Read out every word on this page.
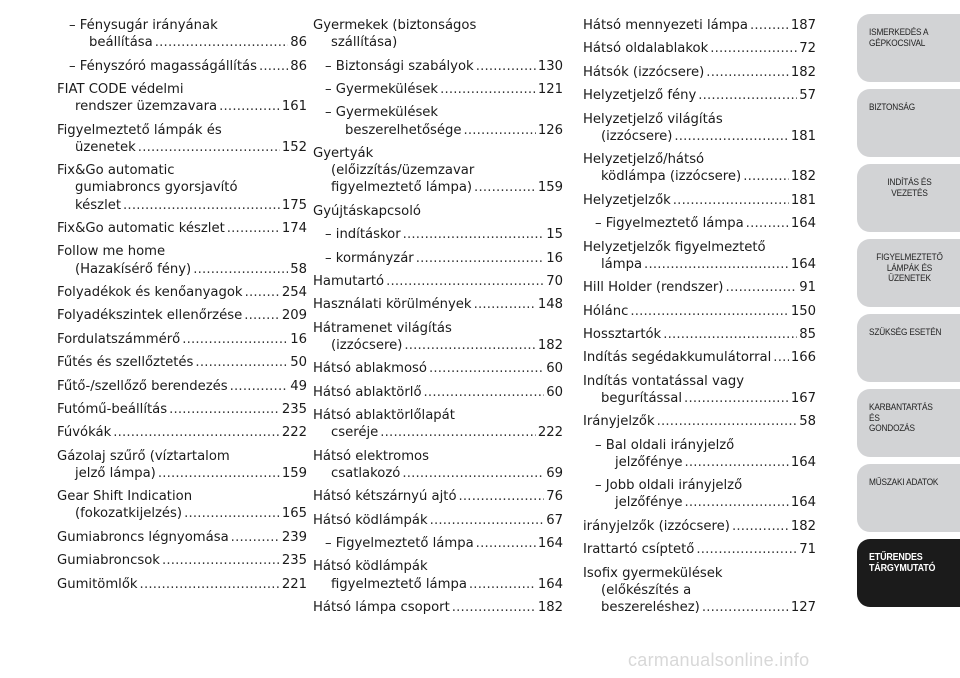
– Fénysugár irányának
beállítása .....	86
– Fényszóró magasságállítás .....	86
FIAT CODE védelmi
rendszer üzemzavara .....	161
Figyelmeztető lámpák és
üzenetek .....	152
Fix&Go automatic
gumiabroncs gyorsjavító
készlet .....	175
Fix&Go automatic készlet .....	174
Follow me home
(Hazakísérő fény) .....	58
Folyadékok és kenőanyagok .....	254
Folyadékszintek ellenőrzése .....	209
Fordulatszámmérő .....	16
Fűtés és szellőztetés .....	50
Fűtő-/szellőző berendezés .....	49
Futómű-beállítás .....	235
Fúvókák .....	222
Gázolaj szűrő (víztartalom
jelző lámpa) .....	159
Gear Shift Indication
(fokozatkijelzés) .....	165
Gumiabroncs légnyomása .....	239
Gumiabroncsok .....	235
Gumitömlők .....	221
Gyermekek (biztonságos
szállítása)
– Biztonsági szabályok .....	130
– Gyermekülések .....	121
– Gyermekülések
beszerelhetősége .....	126
Gyertyák
(előizzítás/üzemzavar
figyelmeztető lámpa) .....	159
Gyújtáskapcsoló
– indításkor .....	15
– kormányzár .....	16
Hamutartó .....	70
Használati körülmények .....	148
Hátramenet világítás
(izzócsere) .....	182
Hátsó ablakmosó .....	60
Hátsó ablaktörlő .....	60
Hátsó ablaktörlőlapát
cseréje .....	222
Hátsó elektromos
csatlakozó .....	69
Hátsó kétszárnyú ajtó .....	76
Hátsó ködlámpák .....	67
– Figyelmeztető lámpa .....	164
Hátsó ködlámpák
figyelmeztető lámpa .....	164
Hátsó lámpa csoport .....	182
Hátsó mennyezeti lámpa .....	187
Hátsó oldalablakok .....	72
Hátsók (izzócsere) .....	182
Helyzetjelző fény .....	57
Helyzetjelző világítás
(izzócsere) .....	181
Helyzetjelző/hátsó
ködlámpa (izzócsere) .....	182
Helyzetjelzők .....	181
– Figyelmeztető lámpa .....	164
Helyzetjelzők figyelmeztető
lámpa .....	164
Hill Holder (rendszer) .....	91
Hólánc .....	150
Hossztartók .....	85
Indítás segédakkumulátorral ..... 166
Indítás vontatással vagy
begurítással .....	167
Irányjelzők .....	58
– Bal oldali irányjelző
jelzőfénye .....	164
– Jobb oldali irányjelző
jelzőfénye .....	164
irányjelzők (izzócsere) .....	182
Irattartó csíptető .....	71
Isofix gyermekülések
(előkészítés a
beszereléshez) .....	127
ISMERKEDÉS A
GÉPKOCSIVAL
BIZTONSÁG
INDÍTÁS ÉS VEZETÉS
FIGYELMEZTETŐ
LÁMPÁK ÉS
ÜZENETEK
SZÜKSÉG ESETÉN
KARBANTARTÁS ÉS
GONDOZÁS
MŰSZAKI ADATOK
ETŰRENDES
TÁRGYMUTATÓ
carmanualsonline.info
